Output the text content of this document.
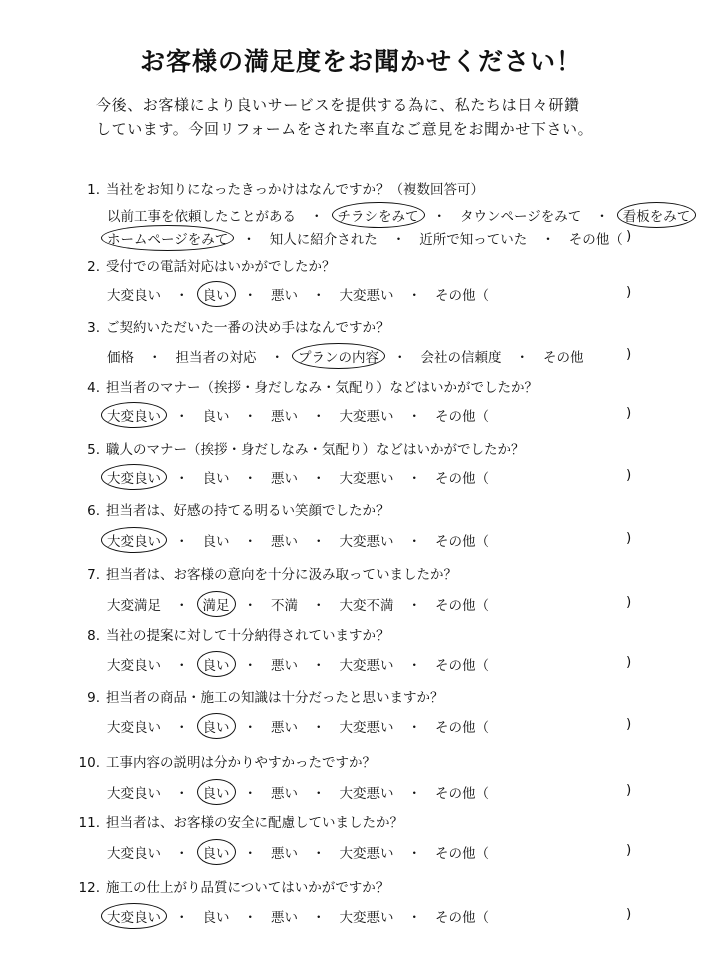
お客様の満足度をお聞かせください！
今後、お客様により良いサービスを提供する為に、私たちは日々研鑽
しています。今回リフォームをされた率直なご意見をお聞かせ下さい。
1. 当社をお知りになったきっかけはなんですか？（複数回答可）
以前工事を依頼したことがある ・ チラシをみて ・ タウンページをみて ・ 看板をみて
ホームページをみて ・ 知人に紹介された ・ 近所で知っていた ・ その他（ )
2. 受付での電話対応はいかがでしたか？
大変良い ・ 良い ・ 悪い ・ 大変悪い ・ その他（	)
3. ご契約いただいた一番の決め手はなんですか？
価格 ・ 担当者の対応 ・ プランの内容 ・ 会社の信頼度 ・ その他	)
4. 担当者のマナー（挨拶・身だしなみ・気配り）などはいかがでしたか？
大変良い ・ 良い ・ 悪い ・ 大変悪い ・ その他（	)
5. 職人のマナー（挨拶・身だしなみ・気配り）などはいかがでしたか？
大変良い ・ 良い ・ 悪い ・ 大変悪い ・ その他（	)
6. 担当者は、好感の持てる明るい笑顔でしたか？
大変良い ・ 良い ・ 悪い ・ 大変悪い ・ その他（	)
7. 担当者は、お客様の意向を十分に汲み取っていましたか？
大変満足 ・ 満足 ・ 不満 ・ 大変不満 ・ その他（	)
8. 当社の提案に対して十分納得されていますか？
大変良い ・ 良い ・ 悪い ・ 大変悪い ・ その他（	)
9. 担当者の商品・施工の知識は十分だったと思いますか？
大変良い ・ 良い ・ 悪い ・ 大変悪い ・ その他（	)
10. 工事内容の説明は分かりやすかったですか？
大変良い ・ 良い ・ 悪い ・ 大変悪い ・ その他（	)
11. 担当者は、お客様の安全に配慮していましたか？
大変良い ・ 良い ・ 悪い ・ 大変悪い ・ その他（	)
12. 施工の仕上がり品質についてはいかがですか？
大変良い ・ 良い ・ 悪い ・ 大変悪い ・ その他（	)
